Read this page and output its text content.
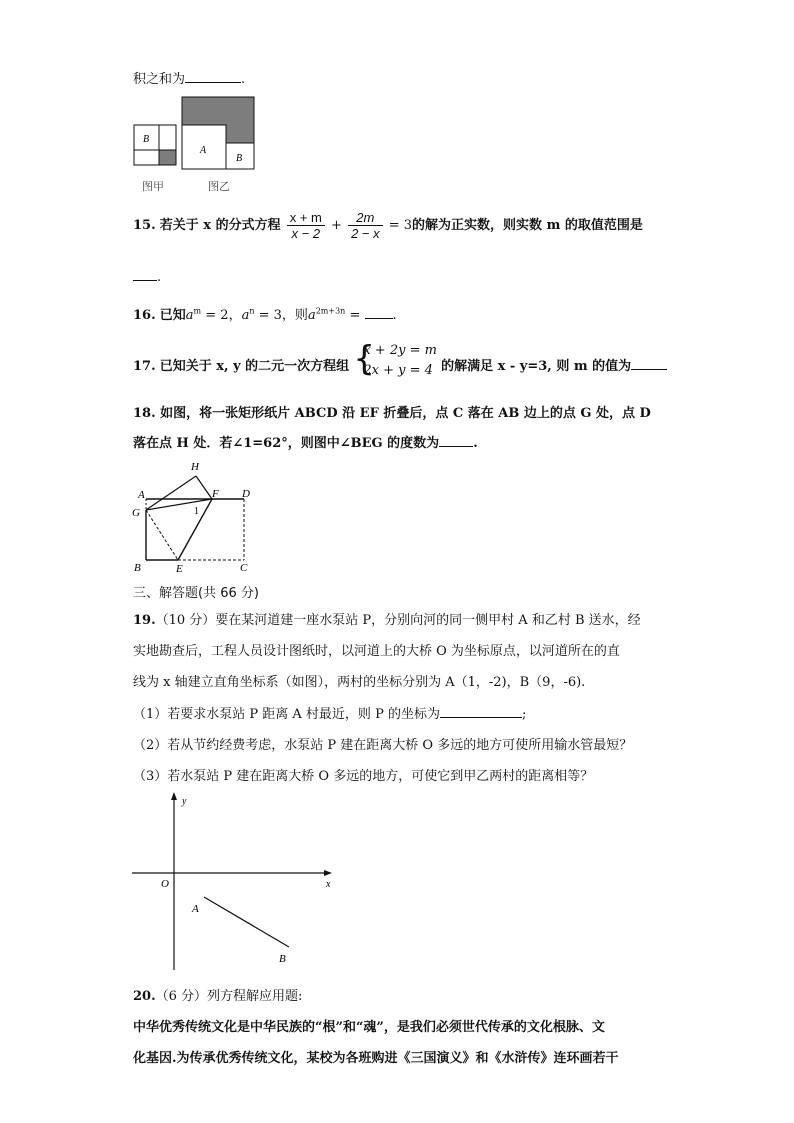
积之和为	.
B
A
B
图甲	图乙
15. 若关于 x 的分式方程 $\frac{x + m}{x - 2} + \frac{2m}{2 - x} = 3$的解为正实数，则实数 m 的取值范围是
.
16. 已知$a^m = 2$，$a^n = 3$，则$a^{2m+3n}$ = .
17. 已知关于 x, y 的二元一次方程组 {
x + 2y = m
2x + y = 4 的解满足 x - y=3, 则 m 的值为
18. 如图，将一张矩形纸片 ABCD 沿 EF 折叠后，点 C 落在 AB 边上的点 G 处，点 D
落在点 H 处．若∠1=62°，则图中∠BEG 的度数为	.
H
A	F D
G	1
B	E	C
三、解答题(共 66 分)
19.（10 分）要在某河道建一座水泵站 P，分别向河的同一侧甲村 A 和乙村 B 送水，经
实地勘查后，工程人员设计图纸时，以河道上的大桥 O 为坐标原点，以河道所在的直
线为 x 轴建立直角坐标系（如图），两村的坐标分别为 A（1，-2)，B（9，-6).
（1）若要求水泵站 P 距离 A 村最近，则 P 的坐标为	;
（2）若从节约经费考虑，水泵站 P 建在距离大桥 O 多远的地方可使所用输水管最短？
（3）若水泵站 P 建在距离大桥 O 多远的地方，可使它到甲乙两村的距离相等？
y
x
O
A
B
20.（6 分）列方程解应用题:
中华优秀传统文化是中华民族的“根”和“魂”，是我们必须世代传承的文化根脉、文
化基因.为传承优秀传统文化，某校为各班购进《三国演义》和《水浒传》连环画若干
